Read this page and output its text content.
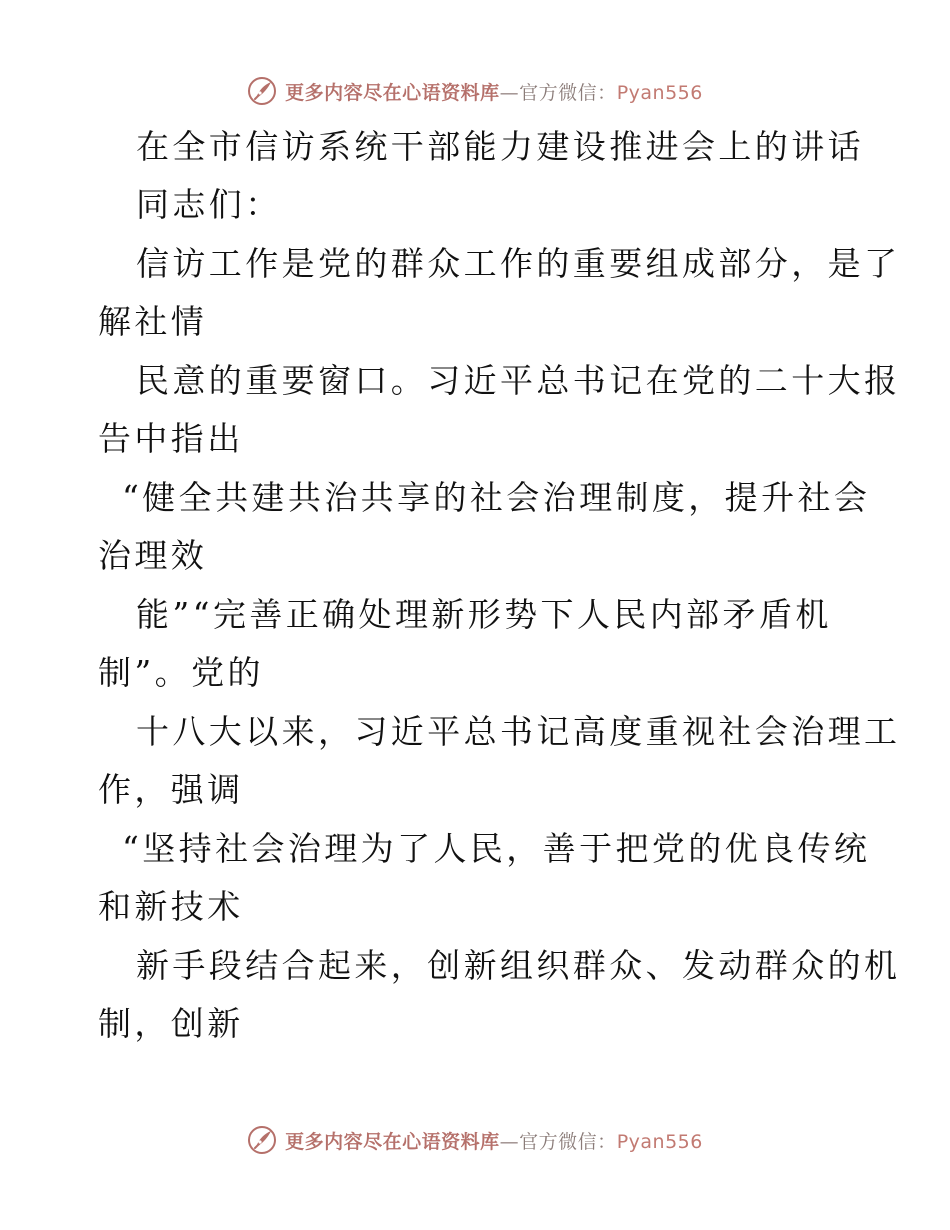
更多内容尽在心语资料库—官方微信：Pyan556
在全市信访系统干部能力建设推进会上的讲话
同志们：
信访工作是党的群众工作的重要组成部分，是了
解社情
民意的重要窗口。习近平总书记在党的二十大报
告中指出
“健全共建共治共享的社会治理制度，提升社会
治理效
能”“完善正确处理新形势下人民内部矛盾机
制”。党的
十八大以来，习近平总书记高度重视社会治理工
作，强调
“坚持社会治理为了人民，善于把党的优良传统
和新技术
新手段结合起来，创新组织群众、发动群众的机
制，创新
更多内容尽在心语资料库—官方微信：Pyan556
